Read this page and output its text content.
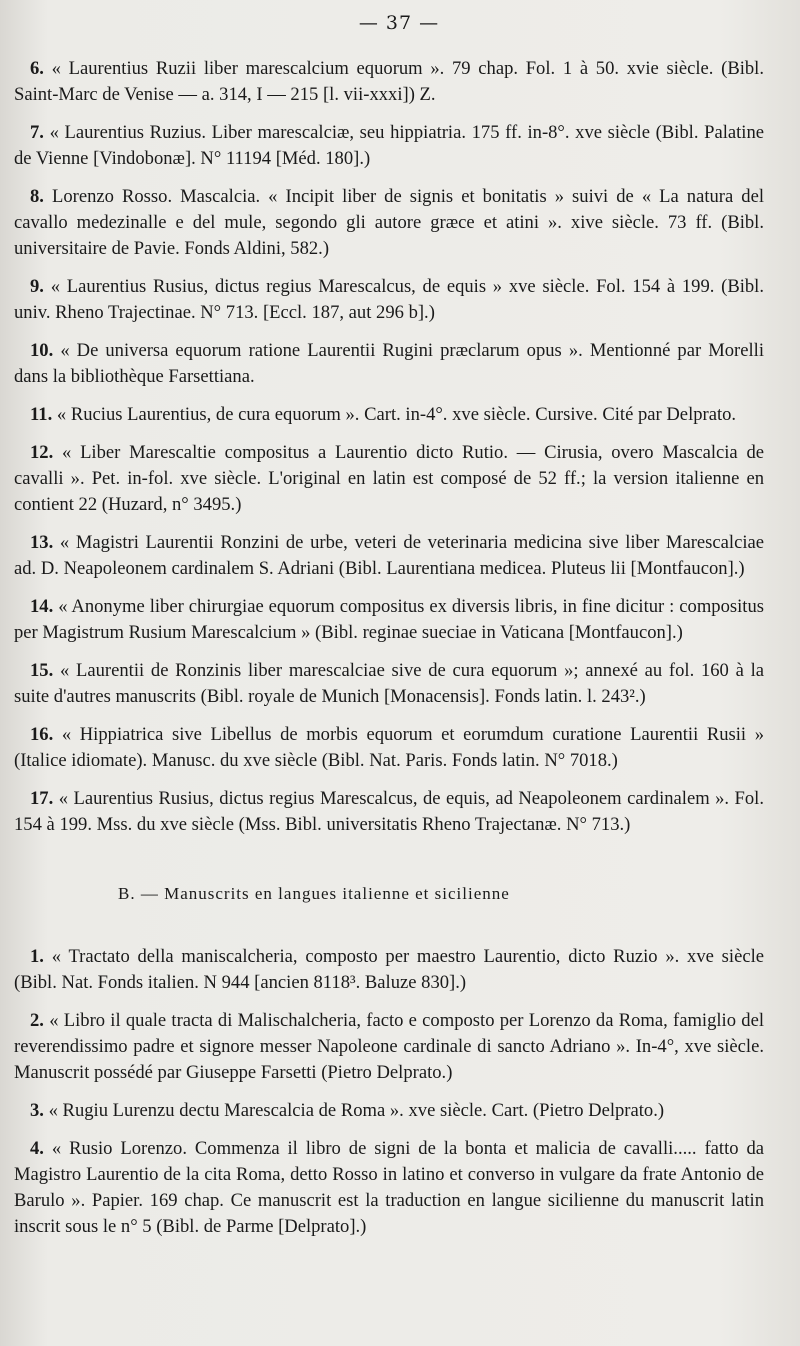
— 37 —

6. « Laurentius Ruzii liber marescalcium equorum ». 79 chap. Fol. 1 à 50. xvie siècle. (Bibl. Saint-Marc de Venise — a. 314, I — 215 [l. vii-xxxi]) Z.

7. « Laurentius Ruzius. Liber marescalciæ, seu hippiatria. 175 ff. in-8°. xve siècle (Bibl. Palatine de Vienne [Vindobonæ]. N° 11194 [Méd. 180].)

8. Lorenzo Rosso. Mascalcia. « Incipit liber de signis et bonitatis » suivi de « La natura del cavallo medezinalle e del mule, segondo gli autore græce et atini ». xive siècle. 73 ff. (Bibl. universitaire de Pavie. Fonds Aldini, 582.)

9. « Laurentius Rusius, dictus regius Marescalcus, de equis » xve siècle. Fol. 154 à 199. (Bibl. univ. Rheno Trajectinae. N° 713. [Eccl. 187, aut 296 b].)

10. « De universa equorum ratione Laurentii Rugini præclarum opus ». Mentionné par Morelli dans la bibliothèque Farsettiana.

11. « Rucius Laurentius, de cura equorum ». Cart. in-4°. xve siècle. Cursive. Cité par Delprato.

12. « Liber Marescaltie compositus a Laurentio dicto Rutio. — Cirusia, overo Mascalcia de cavalli ». Pet. in-fol. xve siècle. L'original en latin est composé de 52 ff.; la version italienne en contient 22 (Huzard, n° 3495.)

13. « Magistri Laurentii Ronzini de urbe, veteri de veterinaria medicina sive liber Marescalciae ad. D. Neapoleonem cardinalem S. Adriani (Bibl. Laurentiana medicea. Pluteus lii [Montfaucon].)

14. « Anonyme liber chirurgiae equorum compositus ex diversis libris, in fine dicitur : compositus per Magistrum Rusium Marescalcium » (Bibl. reginae sueciae in Vaticana [Montfaucon].)

15. « Laurentii de Ronzinis liber marescalciae sive de cura equorum »; annexé au fol. 160 à la suite d'autres manuscrits (Bibl. royale de Munich [Monacensis]. Fonds latin. l. 243².)

16. « Hippiatrica sive Libellus de morbis equorum et eorumdum curatione Laurentii Rusii » (Italice idiomate). Manusc. du xve siècle (Bibl. Nat. Paris. Fonds latin. N° 7018.)

17. « Laurentius Rusius, dictus regius Marescalcus, de equis, ad Neapoleonem cardinalem ». Fol. 154 à 199. Mss. du xve siècle (Mss. Bibl. universitatis Rheno Trajectanæ. N° 713.)

B. — Manuscrits en langues italienne et sicilienne

1. « Tractato della maniscalcheria, composto per maestro Laurentio, dicto Ruzio ». xve siècle (Bibl. Nat. Fonds italien. N 944 [ancien 8118³. Baluze 830].)

2. « Libro il quale tracta di Malischalcheria, facto e composto per Lorenzo da Roma, famiglio del reverendissimo padre et signore messer Napoleone cardinale di sancto Adriano ». In-4°, xve siècle. Manuscrit possédé par Giuseppe Farsetti (Pietro Delprato.)

3. « Rugiu Lurenzu dectu Marescalcia de Roma ». xve siècle. Cart. (Pietro Delprato.)

4. « Rusio Lorenzo. Commenza il libro de signi de la bonta et malicia de cavalli..... fatto da Magistro Laurentio de la cita Roma, detto Rosso in latino et converso in vulgare da frate Antonio de Barulo ». Papier. 169 chap. Ce manuscrit est la traduction en langue sicilienne du manuscrit latin inscrit sous le n° 5 (Bibl. de Parme [Delprato].)
